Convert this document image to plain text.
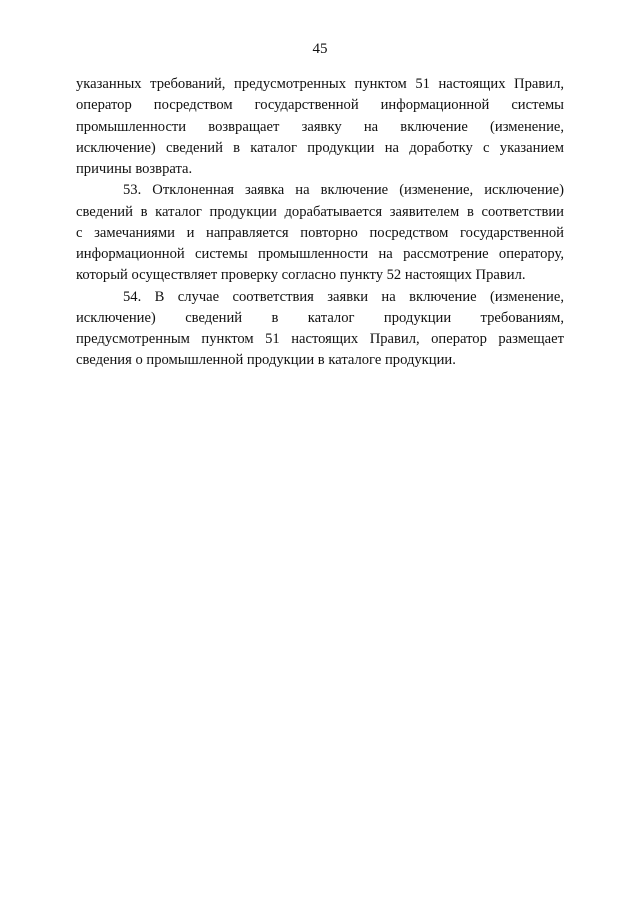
45
указанных требований, предусмотренных пунктом 51 настоящих Правил,
оператор посредством государственной информационной системы
промышленности возвращает заявку на включение (изменение,
исключение) сведений в каталог продукции на доработку с указанием
причины возврата.
53. Отклоненная заявка на включение (изменение, исключение)
сведений в каталог продукции дорабатывается заявителем в соответствии
с замечаниями и направляется повторно посредством государственной
информационной системы промышленности на рассмотрение оператору,
который осуществляет проверку согласно пункту 52 настоящих Правил.
54. В случае соответствия заявки на включение (изменение,
исключение) сведений в каталог продукции требованиям,
предусмотренным пунктом 51 настоящих Правил, оператор размещает
сведения о промышленной продукции в каталоге продукции.
